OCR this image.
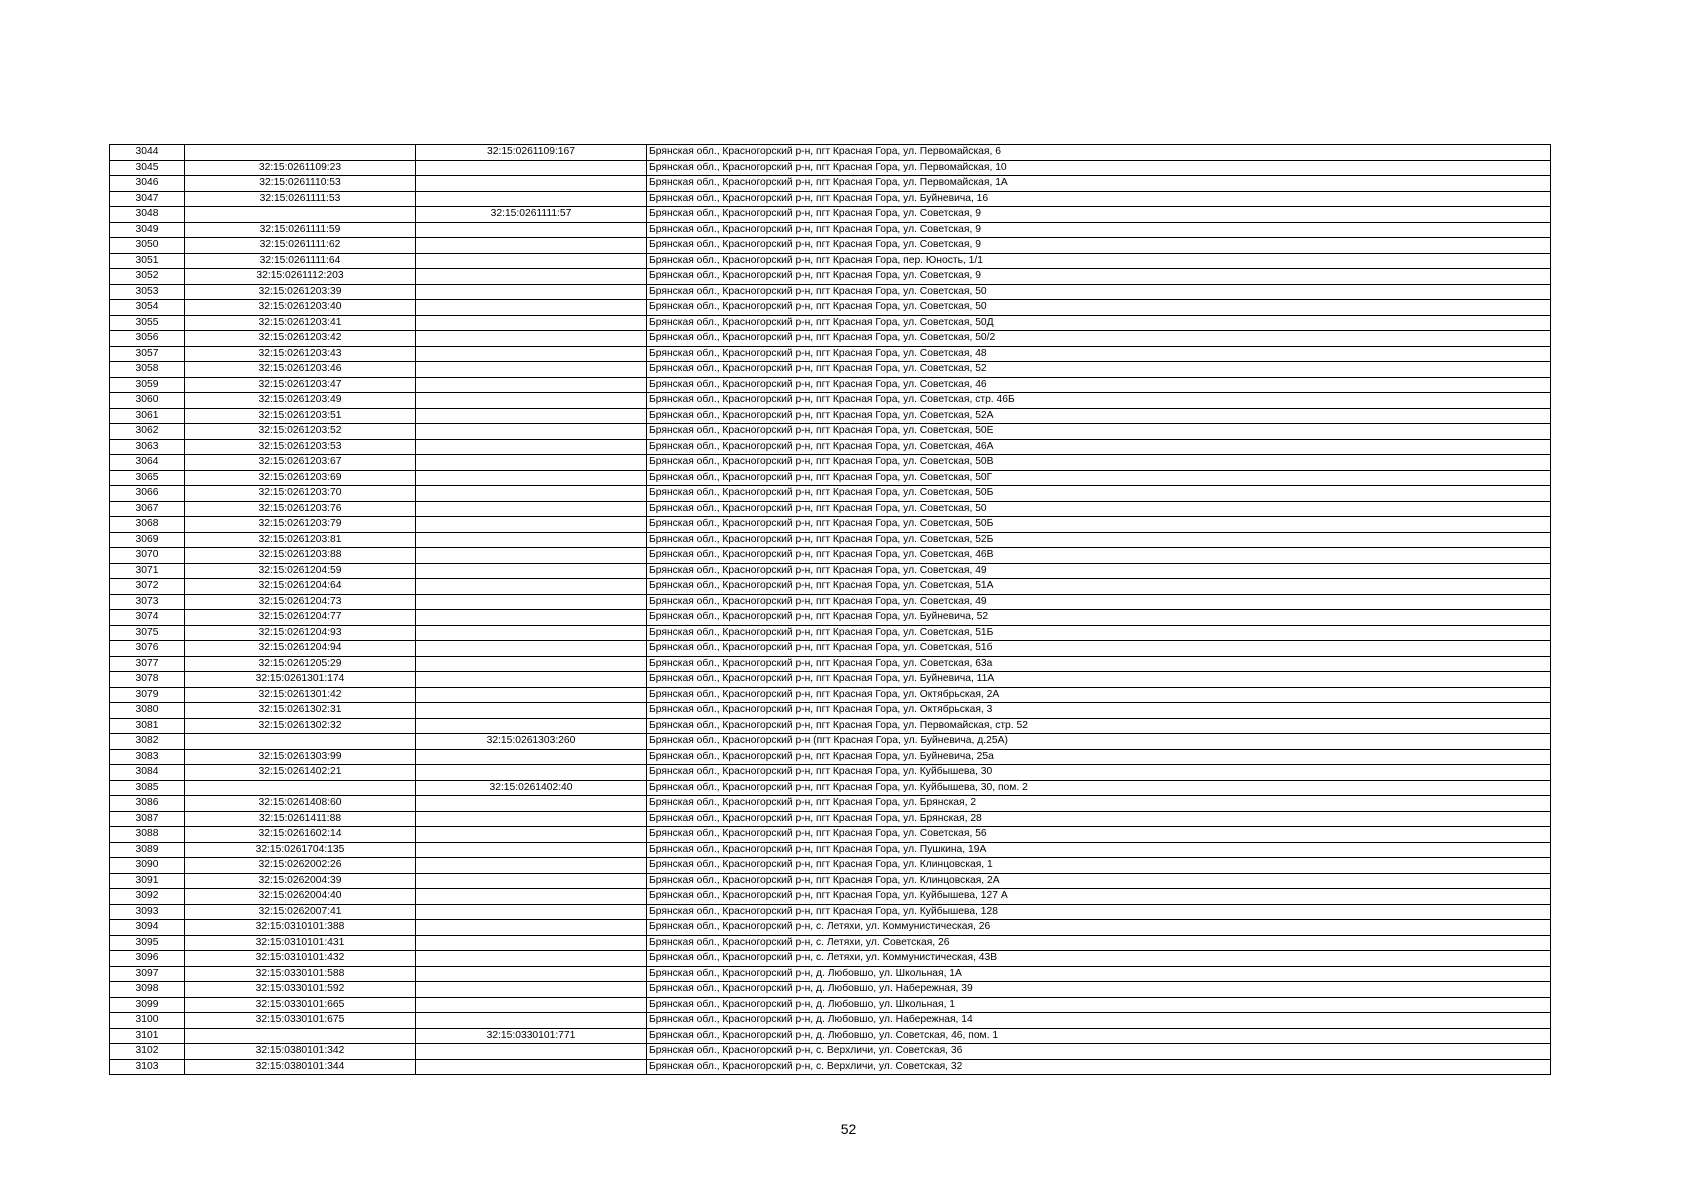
3044		32:15:0261109:167	Брянская обл., Красногорский р-н, пгт Красная Гора, ул. Первомайская, 6
3045	32:15:0261109:23		Брянская обл., Красногорский р-н, пгт Красная Гора, ул. Первомайская, 10
3046	32:15:0261110:53		Брянская обл., Красногорский р-н, пгт Красная Гора, ул. Первомайская, 1А
3047	32:15:0261111:53		Брянская обл., Красногорский р-н, пгт Красная Гора, ул. Буйневича, 16
3048		32:15:0261111:57	Брянская обл., Красногорский р-н, пгт Красная Гора, ул. Советская, 9
3049	32:15:0261111:59		Брянская обл., Красногорский р-н, пгт Красная Гора, ул. Советская, 9
3050	32:15:0261111:62		Брянская обл., Красногорский р-н, пгт Красная Гора, ул. Советская, 9
3051	32:15:0261111:64		Брянская обл., Красногорский р-н, пгт Красная Гора, пер. Юность, 1/1
3052	32:15:0261112:203		Брянская обл., Красногорский р-н, пгт Красная Гора, ул. Советская, 9
3053	32:15:0261203:39		Брянская обл., Красногорский р-н, пгт Красная Гора, ул. Советская, 50
3054	32:15:0261203:40		Брянская обл., Красногорский р-н, пгт Красная Гора, ул. Советская, 50
3055	32:15:0261203:41		Брянская обл., Красногорский р-н, пгт Красная Гора, ул. Советская, 50Д
3056	32:15:0261203:42		Брянская обл., Красногорский р-н, пгт Красная Гора, ул. Советская, 50/2
3057	32:15:0261203:43		Брянская обл., Красногорский р-н, пгт Красная Гора, ул. Советская, 48
3058	32:15:0261203:46		Брянская обл., Красногорский р-н, пгт Красная Гора, ул. Советская, 52
3059	32:15:0261203:47		Брянская обл., Красногорский р-н, пгт Красная Гора, ул. Советская, 46
3060	32:15:0261203:49		Брянская обл., Красногорский р-н, пгт Красная Гора, ул. Советская, стр. 46Б
3061	32:15:0261203:51		Брянская обл., Красногорский р-н, пгт Красная Гора, ул. Советская, 52А
3062	32:15:0261203:52		Брянская обл., Красногорский р-н, пгт Красная Гора, ул. Советская, 50Е
3063	32:15:0261203:53		Брянская обл., Красногорский р-н, пгт Красная Гора, ул. Советская, 46А
3064	32:15:0261203:67		Брянская обл., Красногорский р-н, пгт Красная Гора, ул. Советская, 50В
3065	32:15:0261203:69		Брянская обл., Красногорский р-н, пгт Красная Гора, ул. Советская, 50Г
3066	32:15:0261203:70		Брянская обл., Красногорский р-н, пгт Красная Гора, ул. Советская, 50Б
3067	32:15:0261203:76		Брянская обл., Красногорский р-н, пгт Красная Гора, ул. Советская, 50
3068	32:15:0261203:79		Брянская обл., Красногорский р-н, пгт Красная Гора, ул. Советская, 50Б
3069	32:15:0261203:81		Брянская обл., Красногорский р-н, пгт Красная Гора, ул. Советская, 52Б
3070	32:15:0261203:88		Брянская обл., Красногорский р-н, пгт Красная Гора, ул. Советская, 46В
3071	32:15:0261204:59		Брянская обл., Красногорский р-н, пгт Красная Гора, ул. Советская, 49
3072	32:15:0261204:64		Брянская обл., Красногорский р-н, пгт Красная Гора, ул. Советская, 51А
3073	32:15:0261204:73		Брянская обл., Красногорский р-н, пгт Красная Гора, ул. Советская, 49
3074	32:15:0261204:77		Брянская обл., Красногорский р-н, пгт Красная Гора, ул. Буйневича, 52
3075	32:15:0261204:93		Брянская обл., Красногорский р-н, пгт Красная Гора, ул. Советская, 51Б
3076	32:15:0261204:94		Брянская обл., Красногорский р-н, пгт Красная Гора, ул. Советская, 51б
3077	32:15:0261205:29		Брянская обл., Красногорский р-н, пгт Красная Гора, ул. Советская, 63а
3078	32:15:0261301:174		Брянская обл., Красногорский р-н, пгт Красная Гора, ул. Буйневича, 11А
3079	32:15:0261301:42		Брянская обл., Красногорский р-н, пгт Красная Гора, ул. Октябрьская, 2А
3080	32:15:0261302:31		Брянская обл., Красногорский р-н, пгт Красная Гора, ул. Октябрьская, 3
3081	32:15:0261302:32		Брянская обл., Красногорский р-н, пгт Красная Гора, ул. Первомайская, стр. 52
3082		32:15:0261303:260	Брянская обл., Красногорский р-н (пгт Красная Гора, ул. Буйневича, д.25А)
3083	32:15:0261303:99		Брянская обл., Красногорский р-н, пгт Красная Гора, ул. Буйневича, 25а
3084	32:15:0261402:21		Брянская обл., Красногорский р-н, пгт Красная Гора, ул. Куйбышева, 30
3085		32:15:0261402:40	Брянская обл., Красногорский р-н, пгт Красная Гора, ул. Куйбышева, 30, пом. 2
3086	32:15:0261408:60		Брянская обл., Красногорский р-н, пгт Красная Гора, ул. Брянская, 2
3087	32:15:0261411:88		Брянская обл., Красногорский р-н, пгт Красная Гора, ул. Брянская, 28
3088	32:15:0261602:14		Брянская обл., Красногорский р-н, пгт Красная Гора, ул. Советская, 56
3089	32:15:0261704:135		Брянская обл., Красногорский р-н, пгт Красная Гора, ул. Пушкина, 19А
3090	32:15:0262002:26		Брянская обл., Красногорский р-н, пгт Красная Гора, ул. Клинцовская, 1
3091	32:15:0262004:39		Брянская обл., Красногорский р-н, пгт Красная Гора, ул. Клинцовская, 2А
3092	32:15:0262004:40		Брянская обл., Красногорский р-н, пгт Красная Гора, ул. Куйбышева, 127 А
3093	32:15:0262007:41		Брянская обл., Красногорский р-н, пгт Красная Гора, ул. Куйбышева, 128
3094	32:15:0310101:388		Брянская обл., Красногорский р-н, с. Летяхи, ул. Коммунистическая, 26
3095	32:15:0310101:431		Брянская обл., Красногорский р-н, с. Летяхи, ул. Советская, 26
3096	32:15:0310101:432		Брянская обл., Красногорский р-н, с. Летяхи, ул. Коммунистическая, 43В
3097	32:15:0330101:588		Брянская обл., Красногорский р-н, д. Любовшо, ул. Школьная, 1А
3098	32:15:0330101:592		Брянская обл., Красногорский р-н, д. Любовшо, ул. Набережная, 39
3099	32:15:0330101:665		Брянская обл., Красногорский р-н, д. Любовшо, ул. Школьная, 1
3100	32:15:0330101:675		Брянская обл., Красногорский р-н, д. Любовшо, ул. Набережная, 14
3101		32:15:0330101:771	Брянская обл., Красногорский р-н, д. Любовшо, ул. Советская, 46, пом. 1
3102	32:15:0380101:342		Брянская обл., Красногорский р-н, с. Верхличи, ул. Советская, 36
3103	32:15:0380101:344		Брянская обл., Красногорский р-н, с. Верхличи, ул. Советская, 32
52
